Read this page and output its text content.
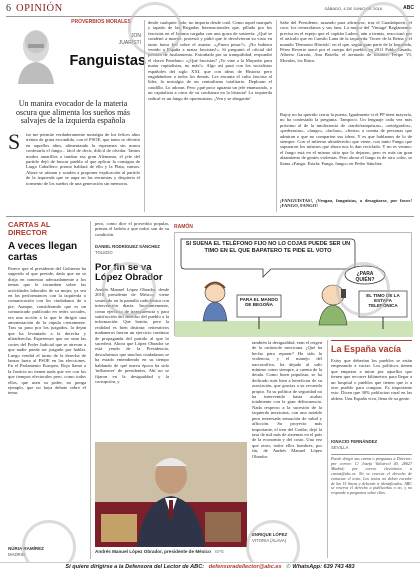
6 OPINIÓN	SÁBADO, 4 DE JUNIO DE 2016	ABC
PROVERBIOS MORALES
JON
JUARISTI
Fanguistas
Un manira evocador de la materia oscura que alimenta los sueños más salvajes de la izquierda española
S ise me permite verdaderamente nostalgia de los felices años treinta de gruta escondida, con el PSOE, que tanto se divirtió en aquellos años, alimentando la esperanza sin nunca confesarla el fango... fácil de decir, difícil de olvidar. Tantos modos amarillos a tumbar esa gran Alemania, el jefe del partido dejó de buscar pueblo al que aplicar la consigna de Largo Caballero: pronto hablará de ello y la Plata, vamos. Ahora se ufanan y acuden a proponer explicación al partido de la izquierda que se aupa en las encuestas y despierta el tormento de los sueños de una generación sin memoria.
desde cualquier lado, no importa desde cuál. Como aquel marqués y tapatío de las Brigadas Internacionales que, pillado por los fascistas en el Jarama cargaba con una gorra de sastrería: ¿Qué se condenó a muerte, protestó y pidió que le devolvieran su visto en tanto fuera fiel sobre el asunto: «¿Fuera pesar?». ¡No hubiera venido a España a matar fascistas!». Si preguntó el oficial del pelotón de fusilamiento. Extrañado por su tranquilidad, respondió el chavo Penelano: «¿Qué fascistas? ¡Yo vine a la Mayadro para matar capitalistas, no más!». Algo así pasó con los socialistas españoles del siglo XXI, que con ideas de Historia pero engañándose a todos los demás. Les encanta el culto fascista al líder, la nostalgia de un centralismo totalitario. Deploran el caudillo. Lo adoran. Pero ¡qué poco aguanta un jefe enamorado, o un capitalista a otros de su confianza en la historia! La izquierda radical es un fango de oportunistas. ¡Ven y se ahogarán!
Sabe del Presidente, azuzado para afirmarse, tras el Guadalquivir, el coro: los venezolanos y sus fans. La mayor del 'Vintage' Reglamento: precisa en el espejo que el capitán Ladero, aún a tientas, reaccionó por el artículo que en Camilo Lana de la izquierda. Torrer de la Reina y el manido 'Demonio Hórrido': en el que, según gran parte de la Izquierda, Pérez Reverte atacó por el cuerpo del pueblo, en 2011 Pablo Casado, Alberto Garzón, Ana Botella, el atentado de octubre, Felipe VI, Morales, los Ratos.
Rajoy no ha querido cerrar la puerta. Igualmente si el PP tiene mayoría, no ha contestado la pregunta. Tampoco. Un lenguaje cada vez más próximo al de la intolerancia de «tardofranquistas», «retrógrados», «pederastas», «fango», «fachas», «fiesta» a cuenta de personas que admiran o que no comparten sus ideas. Y es que hablamos de lo de siempre. Con el infierno ultraderecho que viene, con tanto Fango que supuraron los mismos que ahora nos lo dan reciclado. Y no es verano: el fango está en el mismo sitio que lo dejaron, pero es más un gran alzamiento de gentes violentas. Pero ahora el fango es de otro color, se llama «Fango: Estafa: Fango, fango» en Pedro Sánchez.
¡FANGUISTAS!, ¡Vengan, fanguistas, a desagüarse, por favor! ¡FANGO, FANGO!
CARTAS AL DIRECTOR
A veces llegan cartas
Parece que el presidente del Gobierno ha sugerido al que preside, dado que no se dirija en contestar adecuadamente a los temas que le incumben sobre las actividades laborales de su mujer, ya sea en las performances con la izquierda o comunicación con los ciudadanos de a pie. Aunque, considerando que es un comunicado publicado en redes sociales, era una acción a la que le dirigió una amonestación de la cúpula ciertamente. Tras su paso por los juzgados, la dejan que ha levantado a la derecha y ultraderecha. Esperemos que no sean las cortes del Poder Judicial que se atrevan a que nadie pueda ser juzgado por hablar. Luego vendrá el turno de la derecha de lanzar fuera al PSOE en las elecciones. En el Parlamento Europeo, Rojo llamó a la Justicia no tienen nada que ver con los que tiempos electorales pero, como todos ellos, que usen su poder, no ponga ejemplo, que no haya debate sobre el tema.
NÚRIA RAMÍREZ
MADRID
pero, como dice el proverbio popular, primas el ladrón a que todos son de su condición.
DANIEL RODRÍGUEZ SÁNCHEZ
TOLEDO
Por fin se va López Obrador
Andrés Manuel López Obrador, desde 2018 presidente de México, viene sostenido en la pantalla radiofónica con intervención diaria. Incesantemente, como ejercicio de transparencia y para satisfacción del derecho del pueblo a la información. Que bonito, pero la realidad es bien distinta: reiterativos mañaneros fueron un ejercicio continuo de propaganda del partido al que lo sucederá. Ahora que López Obrador se está yendo de la Presidencia, descubrimos que muchos ciudadanos se ha estado entendiendo en su tiempo hablando de qué nueva época ha sido 'influencer' de presidentes. Ahí no se fijaron en la desigualdad y la corrupción, y
RAMÓN
SI SUENA EL TELÉFONO FIJO NO LO COJAS PUEDE SER UN TIMO EN EL QUE BAPATERO TE PIDE EL VOTO
¿PARA QUIÉN?
PARA EL MANDO DE BEGOÑA
EL TIMO DE LA ESTAFA TELEFÓNICA
Andrés Manuel López Obrador, presidente de México EFE
también la desigualdad, eran el origen de la catástrofe mexicana. ¿Qué ha hecho para reparar? Ha sido la violencia, y el manejo del narcotráfico, ha dejado al salir mínimo como siempre, a cuenta de la deuda. Como buen populista, se ha dedicado más bien a beneficiar de su asociación, que gracias a su recuerdo propio. Ya su política de seguridad no ha intervenido hasta acabar totalmente con la gran delincuencia. Nada respecto a la sucesión de la izquierda mexicana, con una notable pero interesada sensación de salud y aflicción. Su proyecto más importante, el tren del Caribe, dejó la tasa de mil más de sistemas en el país de la economía y del costo. Una vez que otros, todos ellos hombres, por fin, de Andrés Manuel López Obrador.
ENRIQUE LÓPEZ
VITORIA (ÁLAVA)
La España vacía
Estoy que deberían los pueblos se están empezando a vaciar. Los políticos tienen que empezar a mirar por aquellos que tienen que recorrer kilómetros para llegar a un hospital o pueblos que tienen que ir a otro pueblo para comprar. Es importante esto. Dicen que 30% poblacion rural en las aldeas. Una España viva, llena de su gente.
IGNACIO FERNÁNDEZ
SEVILLA
Puede dirigir sus cartas o preguntas a Director: por correo: C/ Josefa Valcárcel 40, 28027 Madrid; por correo electrónico a cartas@abc.es. No se reserva el derecho de extractar el texto. Los textos no deben exceder de las 15 líneas y deberán ir identificados. ABC se reserva el derecho a publicarlas o no, y no responde a preguntas sobre ellas.
Si quiere dirigirse a la Defensora del Lector de ABC: defensoradellector@abc.es ✆ WhatsApp: 639 743 483
